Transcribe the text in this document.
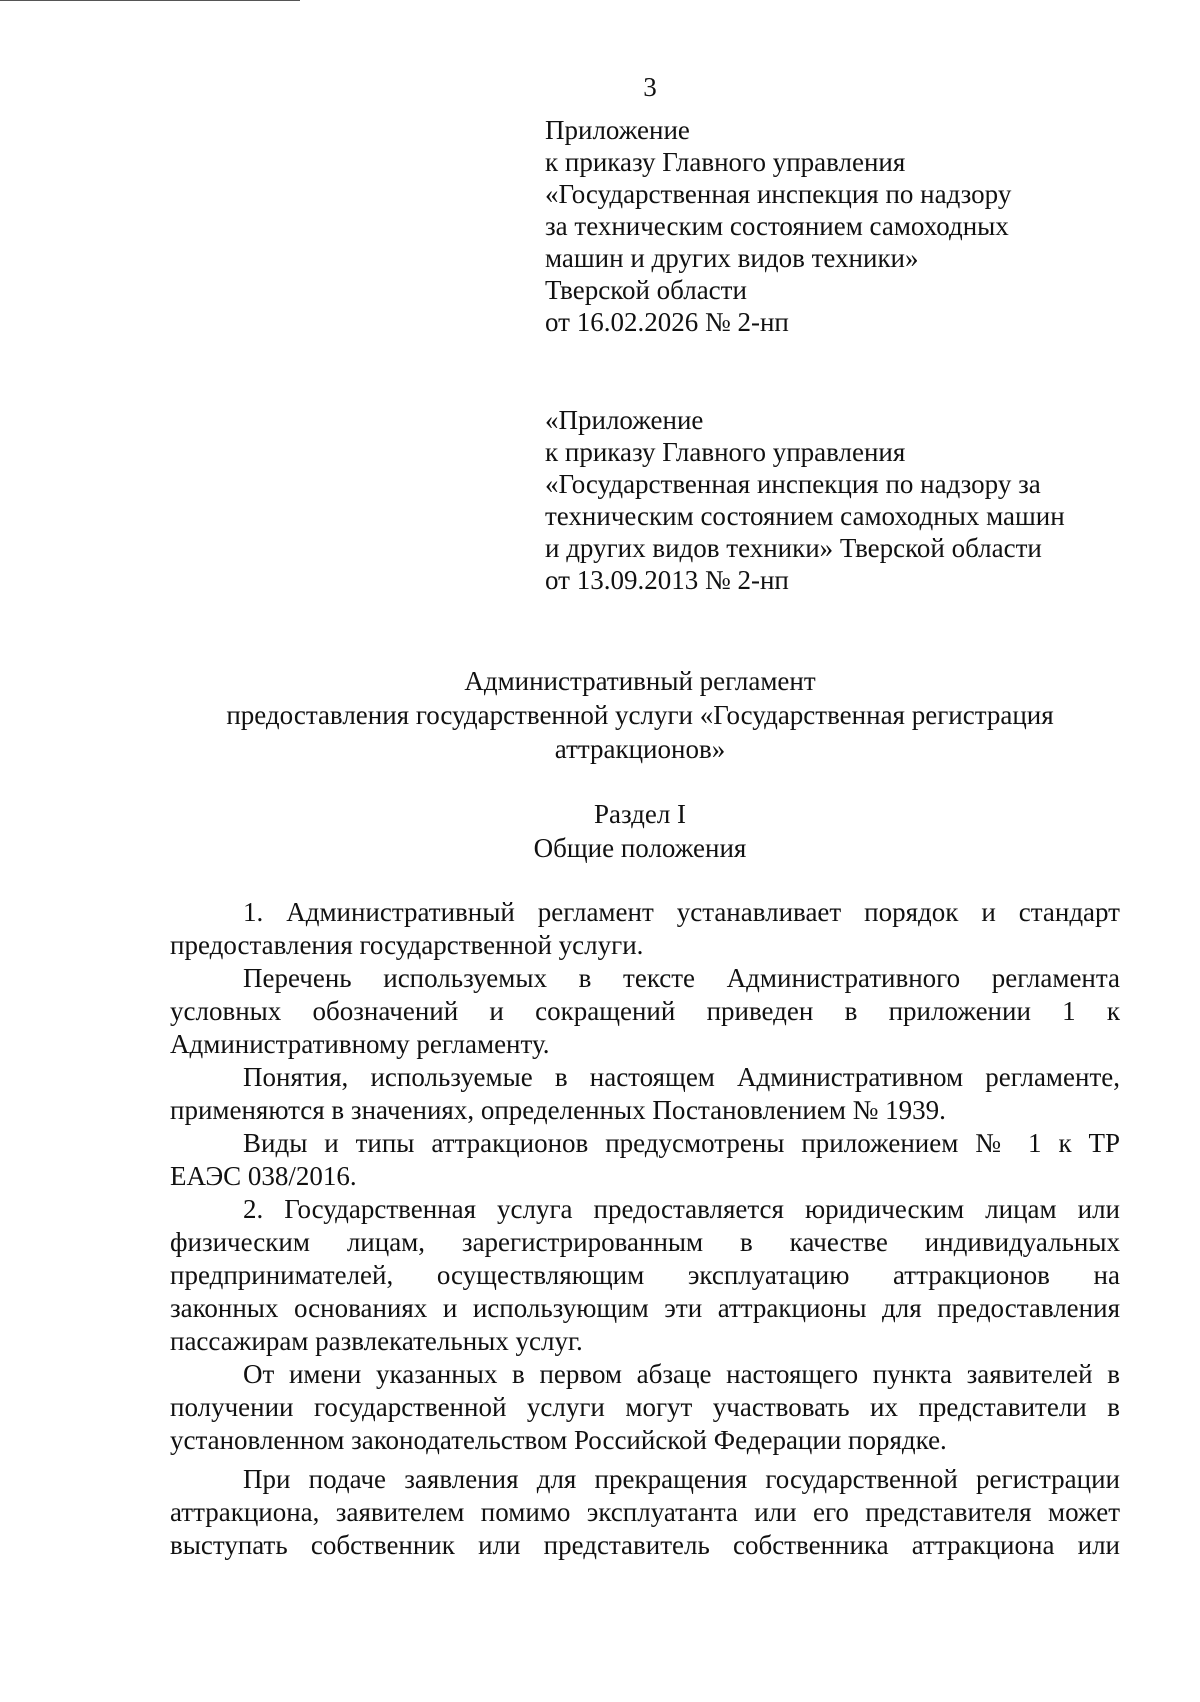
3
Приложение
к приказу Главного управления
«Государственная инспекция по надзору
за техническим состоянием самоходных
машин и других видов техники»
Тверской области
от 16.02.2026 № 2-нп
«Приложение
к приказу Главного управления
«Государственная инспекция по надзору за
техническим состоянием самоходных машин
и других видов техники» Тверской области
от 13.09.2013 № 2-нп
Административный регламент
предоставления государственной услуги «Государственная регистрация
аттракционов»
Раздел I
Общие положения
1. Административный регламент устанавливает порядок и стандарт
предоставления государственной услуги.
Перечень используемых в тексте Административного регламента
условных обозначений и сокращений приведен в приложении 1 к
Административному регламенту.
Понятия, используемые в настоящем Административном регламенте,
применяются в значениях, определенных Постановлением № 1939.
Виды и типы аттракционов предусмотрены приложением № 1 к ТР
ЕАЭС 038/2016.
2. Государственная услуга предоставляется юридическим лицам или
физическим лицам, зарегистрированным в качестве индивидуальных
предпринимателей, осуществляющим эксплуатацию аттракционов на
законных основаниях и использующим эти аттракционы для предоставления
пассажирам развлекательных услуг.
От имени указанных в первом абзаце настоящего пункта заявителей в
получении государственной услуги могут участвовать их представители в
установленном законодательством Российской Федерации порядке.
При подаче заявления для прекращения государственной регистрации
аттракциона, заявителем помимо эксплуатанта или его представителя может
выступать собственник или представитель собственника аттракциона или
